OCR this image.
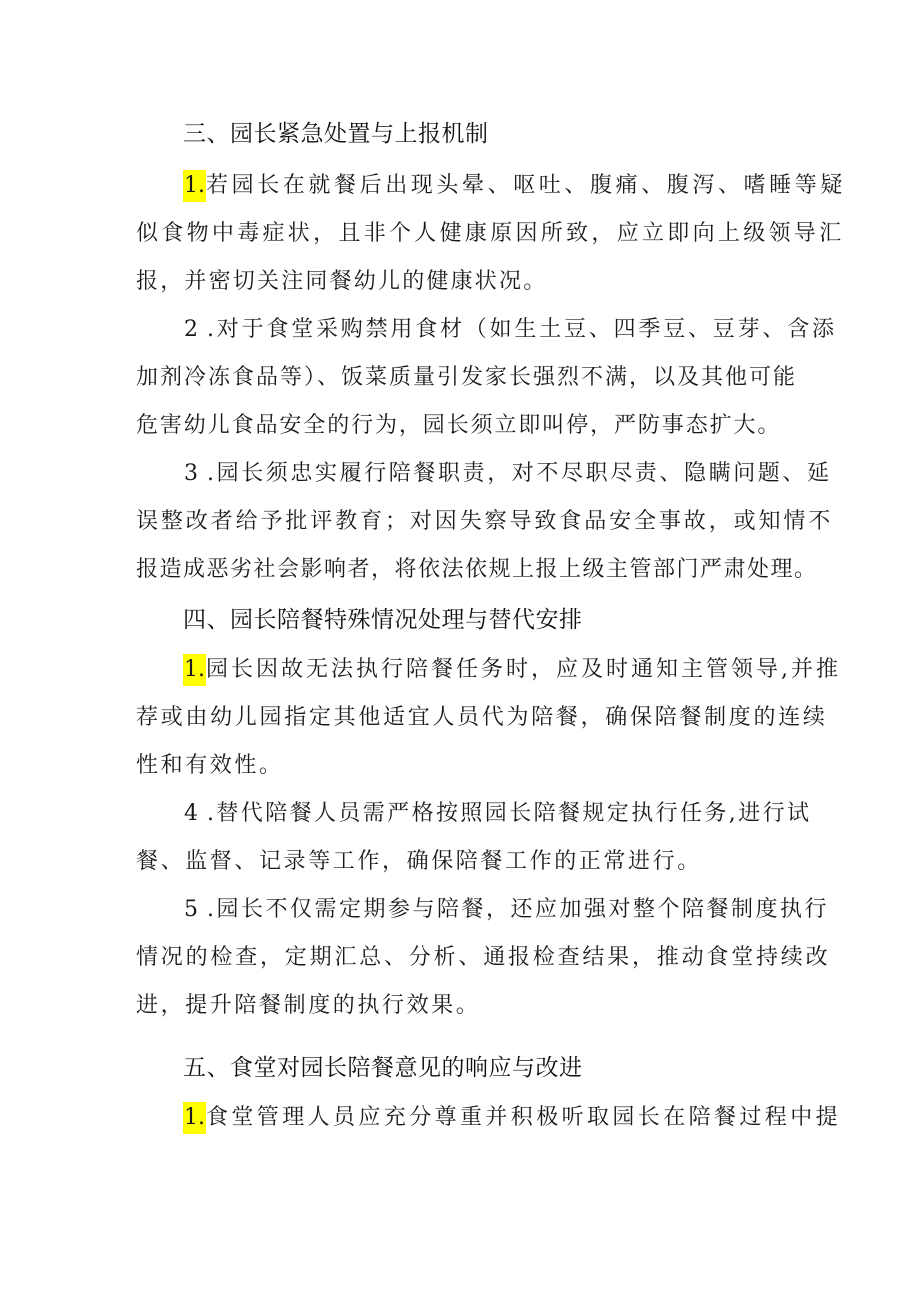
三、园长紧急处置与上报机制
1.若园长在就餐后出现头晕、呕吐、腹痛、腹泻、嗜睡等疑
似食物中毒症状，且非个人健康原因所致，应立即向上级领导汇
报，并密切关注同餐幼儿的健康状况。
2 .对于食堂采购禁用食材（如生土豆、四季豆、豆芽、含添
加剂冷冻食品等）、饭菜质量引发家长强烈不满，以及其他可能
危害幼儿食品安全的行为，园长须立即叫停，严防事态扩大。
3 .园长须忠实履行陪餐职责，对不尽职尽责、隐瞒问题、延
误整改者给予批评教育；对因失察导致食品安全事故，或知情不
报造成恶劣社会影响者，将依法依规上报上级主管部门严肃处理。
四、园长陪餐特殊情况处理与替代安排
1.园长因故无法执行陪餐任务时，应及时通知主管领导,并推
荐或由幼儿园指定其他适宜人员代为陪餐，确保陪餐制度的连续
性和有效性。
4 .替代陪餐人员需严格按照园长陪餐规定执行任务,进行试
餐、监督、记录等工作，确保陪餐工作的正常进行。
5 .园长不仅需定期参与陪餐，还应加强对整个陪餐制度执行
情况的检查，定期汇总、分析、通报检查结果，推动食堂持续改
进，提升陪餐制度的执行效果。
五、食堂对园长陪餐意见的响应与改进
1.食堂管理人员应充分尊重并积极听取园长在陪餐过程中提
